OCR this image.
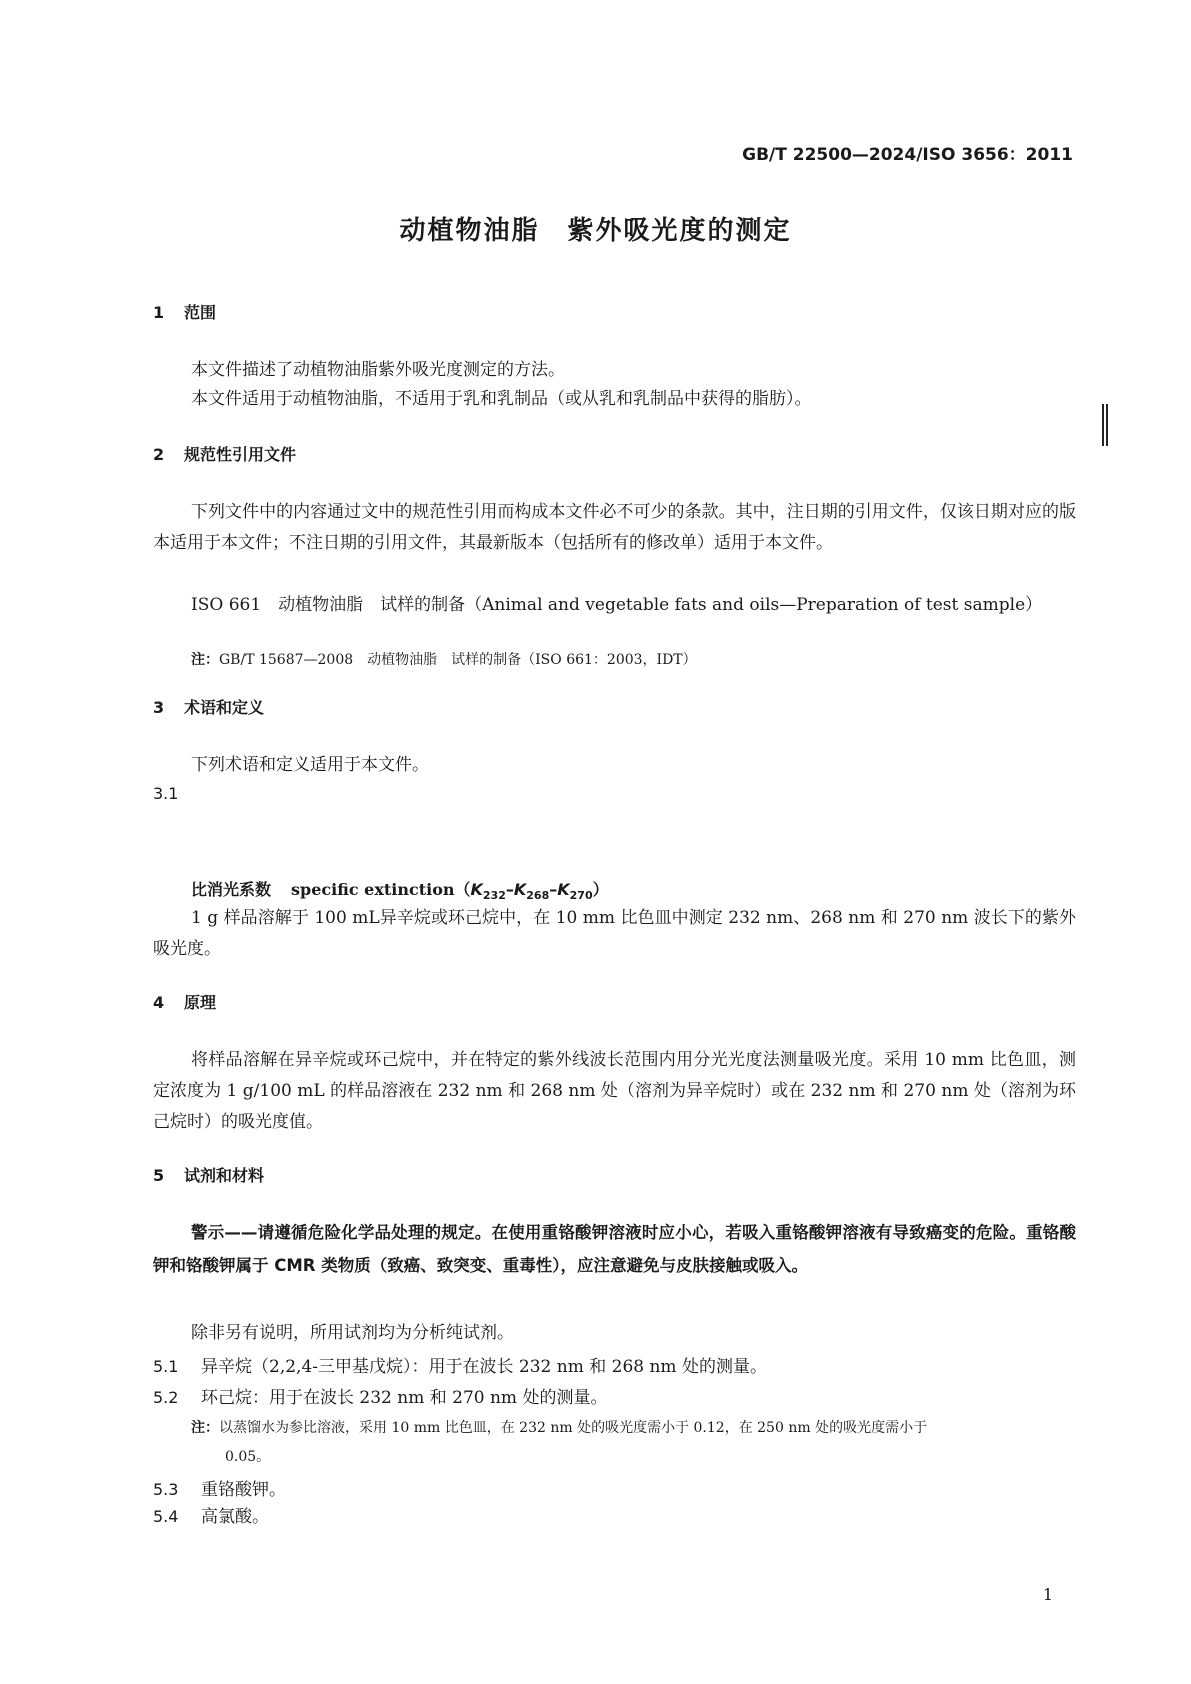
GB/T 22500—2024/ISO 3656：2011
动植物油脂　紫外吸光度的测定
1 范围
本文件描述了动植物油脂紫外吸光度测定的方法。
本文件适用于动植物油脂，不适用于乳和乳制品（或从乳和乳制品中获得的脂肪）。
2 规范性引用文件
下列文件中的内容通过文中的规范性引用而构成本文件必不可少的条款。其中，注日期的引用文件，仅该日期对应的版本适用于本文件；不注日期的引用文件，其最新版本（包括所有的修改单）适用于本文件。
ISO 661　动植物油脂　试样的制备（Animal and vegetable fats and oils—Preparation of test sample）
注：GB/T 15687—2008　动植物油脂　试样的制备（ISO 661：2003，IDT）
3 术语和定义
下列术语和定义适用于本文件。
3.1
比消光系数 specific $extinction(K_{232}-K_{268}-K_{270})$
1 g 样品溶解于 100 mL异辛烷或环己烷中，在 10 mm 比色皿中测定 232 nm、268 nm 和 270 nm 波长下的紫外吸光度。
4 原理
将样品溶解在异辛烷或环己烷中，并在特定的紫外线波长范围内用分光光度法测量吸光度。采用 10 mm 比色皿，测定浓度为 1 g/100 mL 的样品溶液在 232 nm 和 268 nm 处（溶剂为异辛烷时）或在 232 nm 和 270 nm 处（溶剂为环己烷时）的吸光度值。
5 试剂和材料
警示——请遵循危险化学品处理的规定。在使用重铬酸钾溶液时应小心，若吸入重铬酸钾溶液有导致癌变的危险。重铬酸钾和铬酸钾属于 CMR 类物质（致癌、致突变、重毒性），应注意避免与皮肤接触或吸入。
除非另有说明，所用试剂均为分析纯试剂。
5.1 异辛烷（2,2,4-三甲基戊烷）：用于在波长 232 nm 和 268 nm 处的测量。
5.2 环己烷：用于在波长 232 nm 和 270 nm 处的测量。
注：以蒸馏水为参比溶液，采用 10 mm 比色皿，在 232 nm 处的吸光度需小于 0.12，在 250 nm 处的吸光度需小于
0.05。
5.3 重铬酸钾。
5.4 高氯酸。
1
